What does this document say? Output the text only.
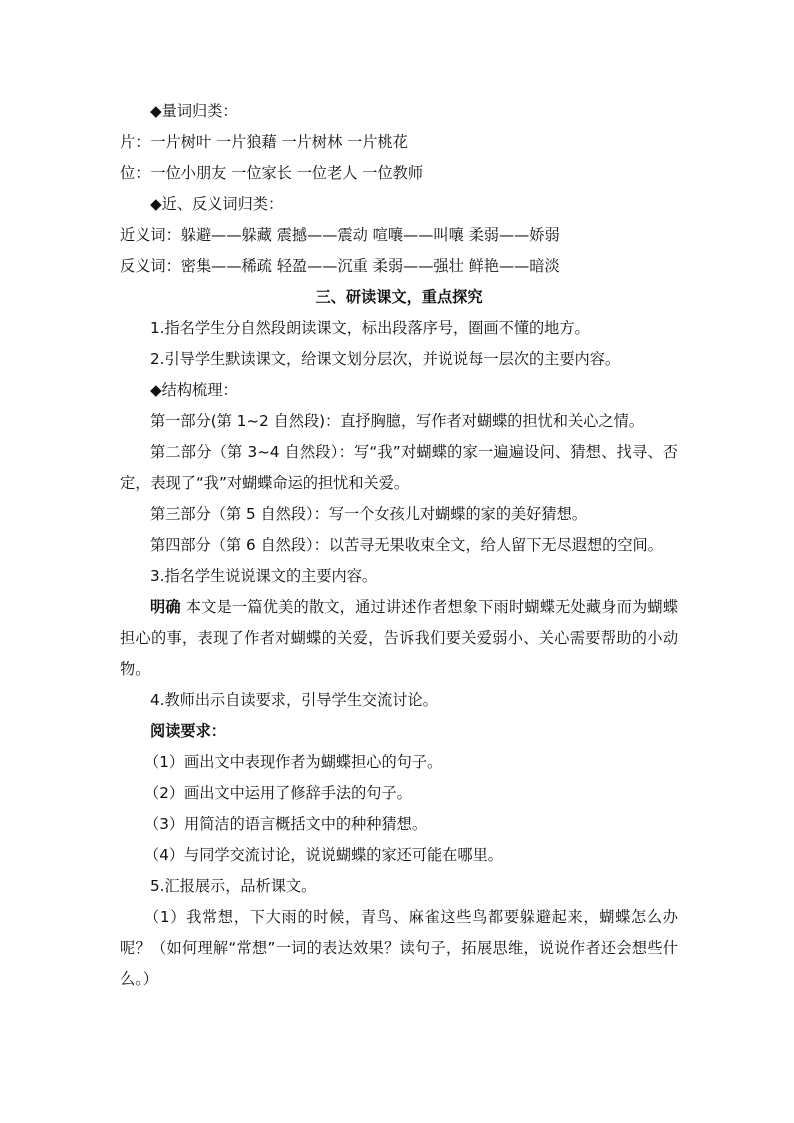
◆量词归类：
片：一片树叶 一片狼藉 一片树林 一片桃花
位：一位小朋友 一位家长 一位老人 一位教师
◆近、反义词归类：
近义词：躲避——躲藏 震撼——震动 喧嚷——叫嚷 柔弱——娇弱
反义词：密集——稀疏 轻盈——沉重 柔弱——强壮 鲜艳——暗淡
三、研读课文，重点探究
1.指名学生分自然段朗读课文，标出段落序号，圈画不懂的地方。
2.引导学生默读课文，给课文划分层次，并说说每一层次的主要内容。
◆结构梳理：
第一部分(第 1~2 自然段)：直抒胸臆，写作者对蝴蝶的担忧和关心之情。
第二部分（第 3~4 自然段）：写“我”对蝴蝶的家一遍遍设问、猜想、找寻、否定，表现了“我”对蝴蝶命运的担忧和关爱。
第三部分（第 5 自然段）：写一个女孩儿对蝴蝶的家的美好猜想。
第四部分（第 6 自然段）：以苦寻无果收束全文，给人留下无尽遐想的空间。
3.指名学生说说课文的主要内容。
明确 本文是一篇优美的散文，通过讲述作者想象下雨时蝴蝶无处藏身而为蝴蝶担心的事，表现了作者对蝴蝶的关爱，告诉我们要关爱弱小、关心需要帮助的小动物。
4.教师出示自读要求，引导学生交流讨论。
阅读要求：
（1）画出文中表现作者为蝴蝶担心的句子。
（2）画出文中运用了修辞手法的句子。
（3）用简洁的语言概括文中的种种猜想。
（4）与同学交流讨论，说说蝴蝶的家还可能在哪里。
5.汇报展示，品析课文。
（1）我常想，下大雨的时候，青鸟、麻雀这些鸟都要躲避起来，蝴蝶怎么办呢？（如何理解“常想”一词的表达效果？读句子，拓展思维，说说作者还会想些什么。）
